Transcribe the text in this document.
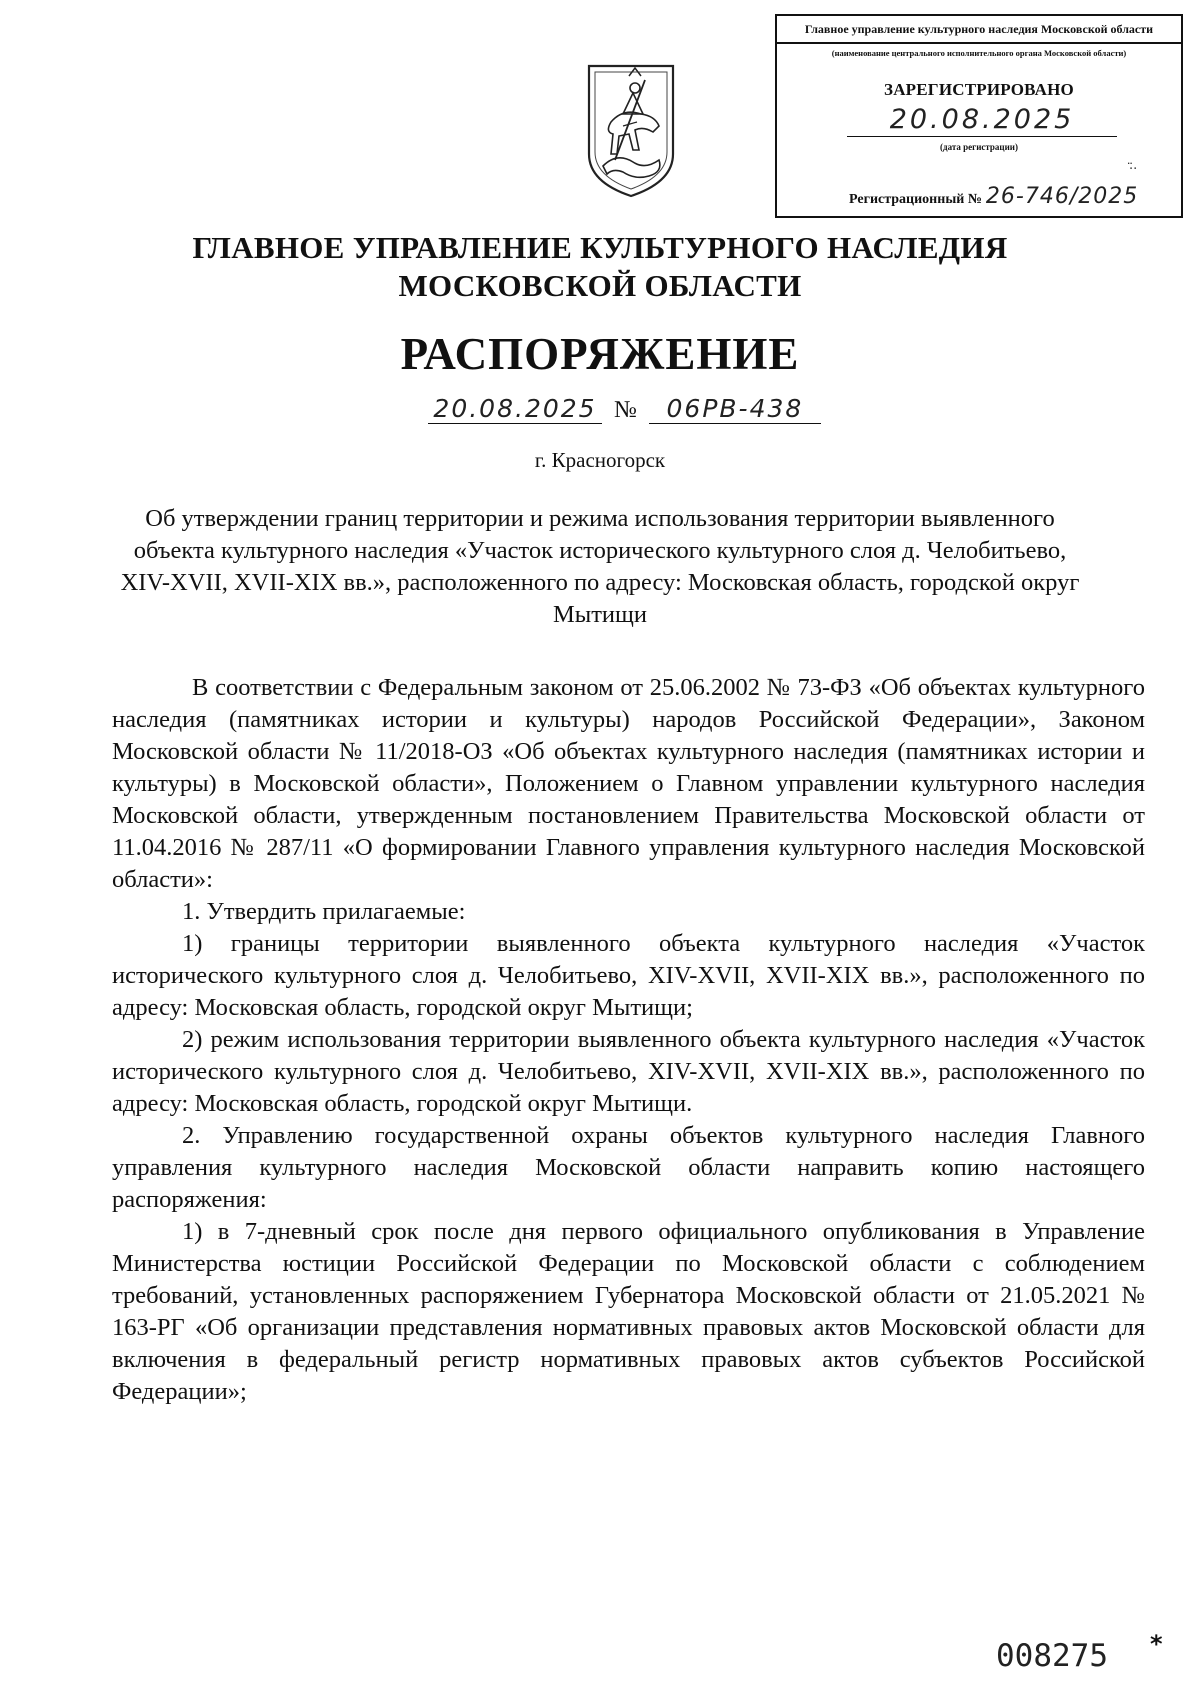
Главное управление культурного наследия Московской области
(наименование центрального исполнительного органа Московской области)
ЗАРЕГИСТРИРОВАНО
20.08.2025
(дата регистрации)
·̈·
Регистрационный № 26-746/2025
ГЛАВНОЕ УПРАВЛЕНИЕ КУЛЬТУРНОГО НАСЛЕДИЯ
МОСКОВСКОЙ ОБЛАСТИ
РАСПОРЯЖЕНИЕ
20.08.2025 № 06РВ-438
г. Красногорск
Об утверждении границ территории и режима использования территории выявленного объекта культурного наследия «Участок исторического культурного слоя д. Челобитьево, XIV-XVII, XVII-XIX вв.», расположенного по адресу: Московская область, городской округ Мытищи

В соответствии с Федеральным законом от 25.06.2002 № 73-ФЗ «Об объектах культурного наследия (памятниках истории и культуры) народов Российской Федерации», Законом Московской области № 11/2018-ОЗ «Об объектах культурного наследия (памятниках истории и культуры) в Московской области», Положением о Главном управлении культурного наследия Московской области, утвержденным постановлением Правительства Московской области от 11.04.2016 № 287/11 «О формировании Главного управления культурного наследия Московской области»:

1. Утвердить прилагаемые:

1) границы территории выявленного объекта культурного наследия «Участок исторического культурного слоя д. Челобитьево, XIV-XVII, XVII-XIX вв.», расположенного по адресу: Московская область, городской округ Мытищи;

2) режим использования территории выявленного объекта культурного наследия «Участок исторического культурного слоя д. Челобитьево, XIV-XVII, XVII-XIX вв.», расположенного по адресу: Московская область, городской округ Мытищи.

2. Управлению государственной охраны объектов культурного наследия Главного управления культурного наследия Московской области направить копию настоящего распоряжения:

1) в 7-дневный срок после дня первого официального опубликования в Управление Министерства юстиции Российской Федерации по Московской области с соблюдением требований, установленных распоряжением Губернатора Московской области от 21.05.2021 № 163-РГ «Об организации представления нормативных правовых актов Московской области для включения в федеральный регистр нормативных правовых актов субъектов Российской Федерации»;

008275 *
